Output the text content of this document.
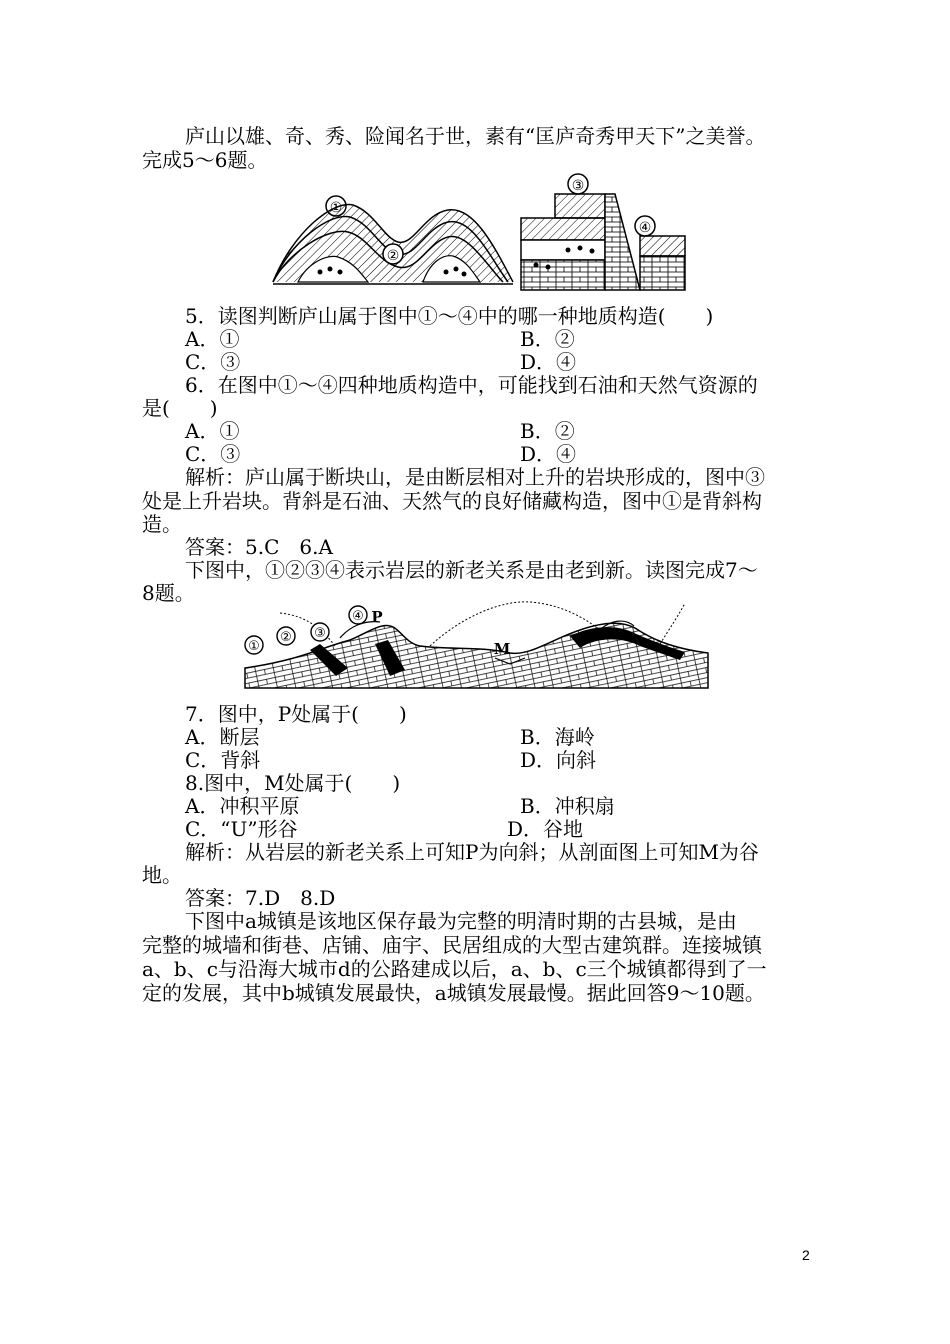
庐山以雄、奇、秀、险闻名于世，素有“匡庐奇秀甲天下”之美誉。
完成5～6题。
①
②
③
④
5．读图判断庐山属于图中①～④中的哪一种地质构造(　　)
A．①	B．②
C．③	D．④
6．在图中①～④四种地质构造中，可能找到石油和天然气资源的
是(　　)
A．①	B．②
C．③	D．④
解析：庐山属于断块山，是由断层相对上升的岩块形成的，图中③
处是上升岩块。背斜是石油、天然气的良好储藏构造，图中①是背斜构
造。
答案：5.C　6.A
下图中，①②③④表示岩层的新老关系是由老到新。读图完成7～
8题。
①
② ③
④ P
M
7．图中，P处属于(　　)
A．断层	B．海岭
C．背斜	D．向斜
8.图中，M处属于(　　)
A．冲积平原	B．冲积扇
C．“U”形谷	D．谷地
解析：从岩层的新老关系上可知P为向斜；从剖面图上可知M为谷
地。
答案：7.D　8.D
下图中a城镇是该地区保存最为完整的明清时期的古县城，是由
完整的城墙和街巷、店铺、庙宇、民居组成的大型古建筑群。连接城镇
a、b、c与沿海大城市d的公路建成以后，a、b、c三个城镇都得到了一
定的发展，其中b城镇发展最快，a城镇发展最慢。据此回答9～10题。
2
